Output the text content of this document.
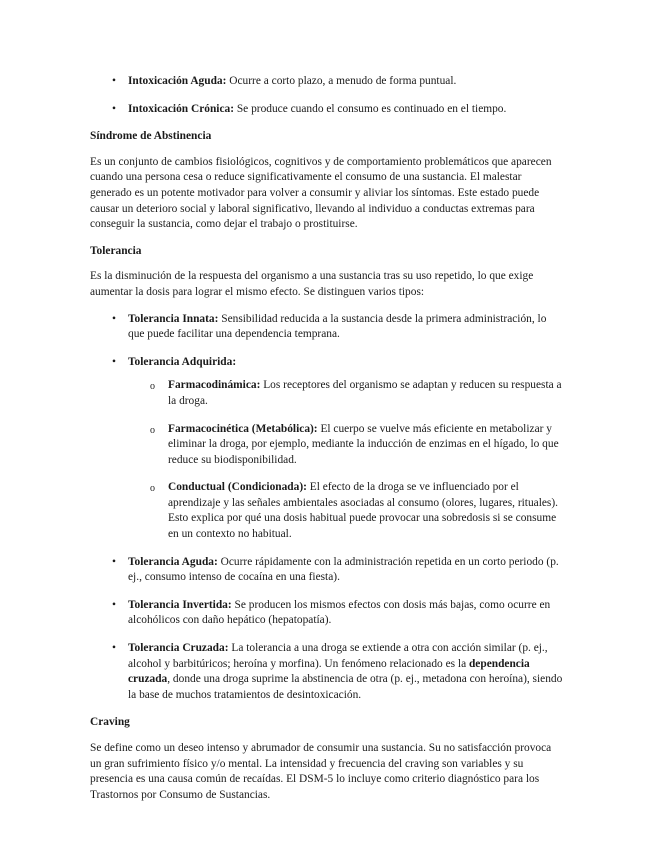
• Intoxicación Aguda: Ocurre a corto plazo, a menudo de forma puntual.
• Intoxicación Crónica: Se produce cuando el consumo es continuado en el tiempo.
Síndrome de Abstinencia

Es un conjunto de cambios fisiológicos, cognitivos y de comportamiento problemáticos que aparecen cuando una persona cesa o reduce significativamente el consumo de una sustancia. El malestar generado es un potente motivador para volver a consumir y aliviar los síntomas. Este estado puede causar un deterioro social y laboral significativo, llevando al individuo a conductas extremas para conseguir la sustancia, como dejar el trabajo o prostituirse.

Tolerancia

Es la disminución de la respuesta del organismo a una sustancia tras su uso repetido, lo que exige aumentar la dosis para lograr el mismo efecto. Se distinguen varios tipos:

• Tolerancia Innata: Sensibilidad reducida a la sustancia desde la primera administración, lo que puede facilitar una dependencia temprana.
• Tolerancia Adquirida:
o Farmacodinámica: Los receptores del organismo se adaptan y reducen su respuesta a la droga.
o Farmacocinética (Metabólica): El cuerpo se vuelve más eficiente en metabolizar y eliminar la droga, por ejemplo, mediante la inducción de enzimas en el hígado, lo que reduce su biodisponibilidad.
o Conductual (Condicionada): El efecto de la droga se ve influenciado por el aprendizaje y las señales ambientales asociadas al consumo (olores, lugares, rituales). Esto explica por qué una dosis habitual puede provocar una sobredosis si se consume en un contexto no habitual.
• Tolerancia Aguda: Ocurre rápidamente con la administración repetida en un corto periodo (p. ej., consumo intenso de cocaína en una fiesta).
• Tolerancia Invertida: Se producen los mismos efectos con dosis más bajas, como ocurre en alcohólicos con daño hepático (hepatopatía).
• Tolerancia Cruzada: La tolerancia a una droga se extiende a otra con acción similar (p. ej., alcohol y barbitúricos; heroína y morfina). Un fenómeno relacionado es la dependencia cruzada, donde una droga suprime la abstinencia de otra (p. ej., metadona con heroína), siendo la base de muchos tratamientos de desintoxicación.
Craving

Se define como un deseo intenso y abrumador de consumir una sustancia. Su no satisfacción provoca un gran sufrimiento físico y/o mental. La intensidad y frecuencia del craving son variables y su presencia es una causa común de recaídas. El DSM-5 lo incluye como criterio diagnóstico para los Trastornos por Consumo de Sustancias.
